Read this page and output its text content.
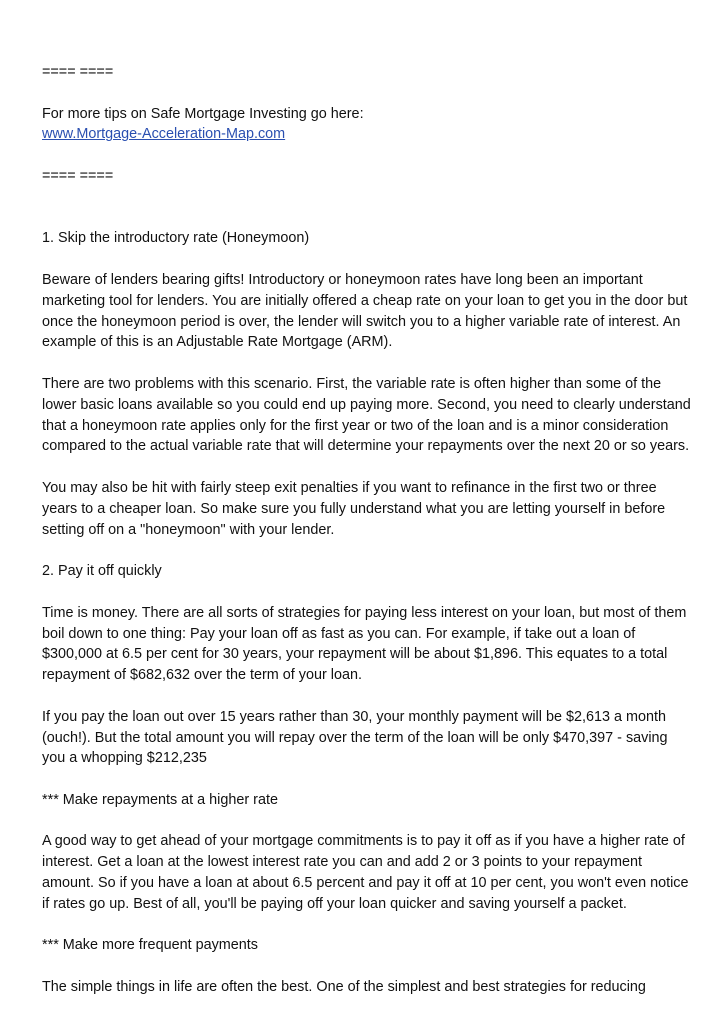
==== ====

For more tips on Safe Mortgage Investing go here:

www.Mortgage-Acceleration-Map.com

==== ====

1. Skip the introductory rate (Honeymoon)

Beware of lenders bearing gifts! Introductory or honeymoon rates have long been an important marketing tool for lenders. You are initially offered a cheap rate on your loan to get you in the door but once the honeymoon period is over, the lender will switch you to a higher variable rate of interest. An example of this is an Adjustable Rate Mortgage (ARM).

There are two problems with this scenario. First, the variable rate is often higher than some of the lower basic loans available so you could end up paying more. Second, you need to clearly understand that a honeymoon rate applies only for the first year or two of the loan and is a minor consideration compared to the actual variable rate that will determine your repayments over the next 20 or so years.

You may also be hit with fairly steep exit penalties if you want to refinance in the first two or three years to a cheaper loan. So make sure you fully understand what you are letting yourself in before setting off on a "honeymoon" with your lender.

2. Pay it off quickly

Time is money. There are all sorts of strategies for paying less interest on your loan, but most of them boil down to one thing: Pay your loan off as fast as you can. For example, if take out a loan of $300,000 at 6.5 per cent for 30 years, your repayment will be about $1,896. This equates to a total repayment of $682,632 over the term of your loan.

If you pay the loan out over 15 years rather than 30, your monthly payment will be $2,613 a month (ouch!). But the total amount you will repay over the term of the loan will be only $470,397 - saving you a whopping $212,235

*** Make repayments at a higher rate

A good way to get ahead of your mortgage commitments is to pay it off as if you have a higher rate of interest. Get a loan at the lowest interest rate you can and add 2 or 3 points to your repayment amount. So if you have a loan at about 6.5 percent and pay it off at 10 per cent, you won't even notice if rates go up. Best of all, you'll be paying off your loan quicker and saving yourself a packet.

*** Make more frequent payments

The simple things in life are often the best. One of the simplest and best strategies for reducing
